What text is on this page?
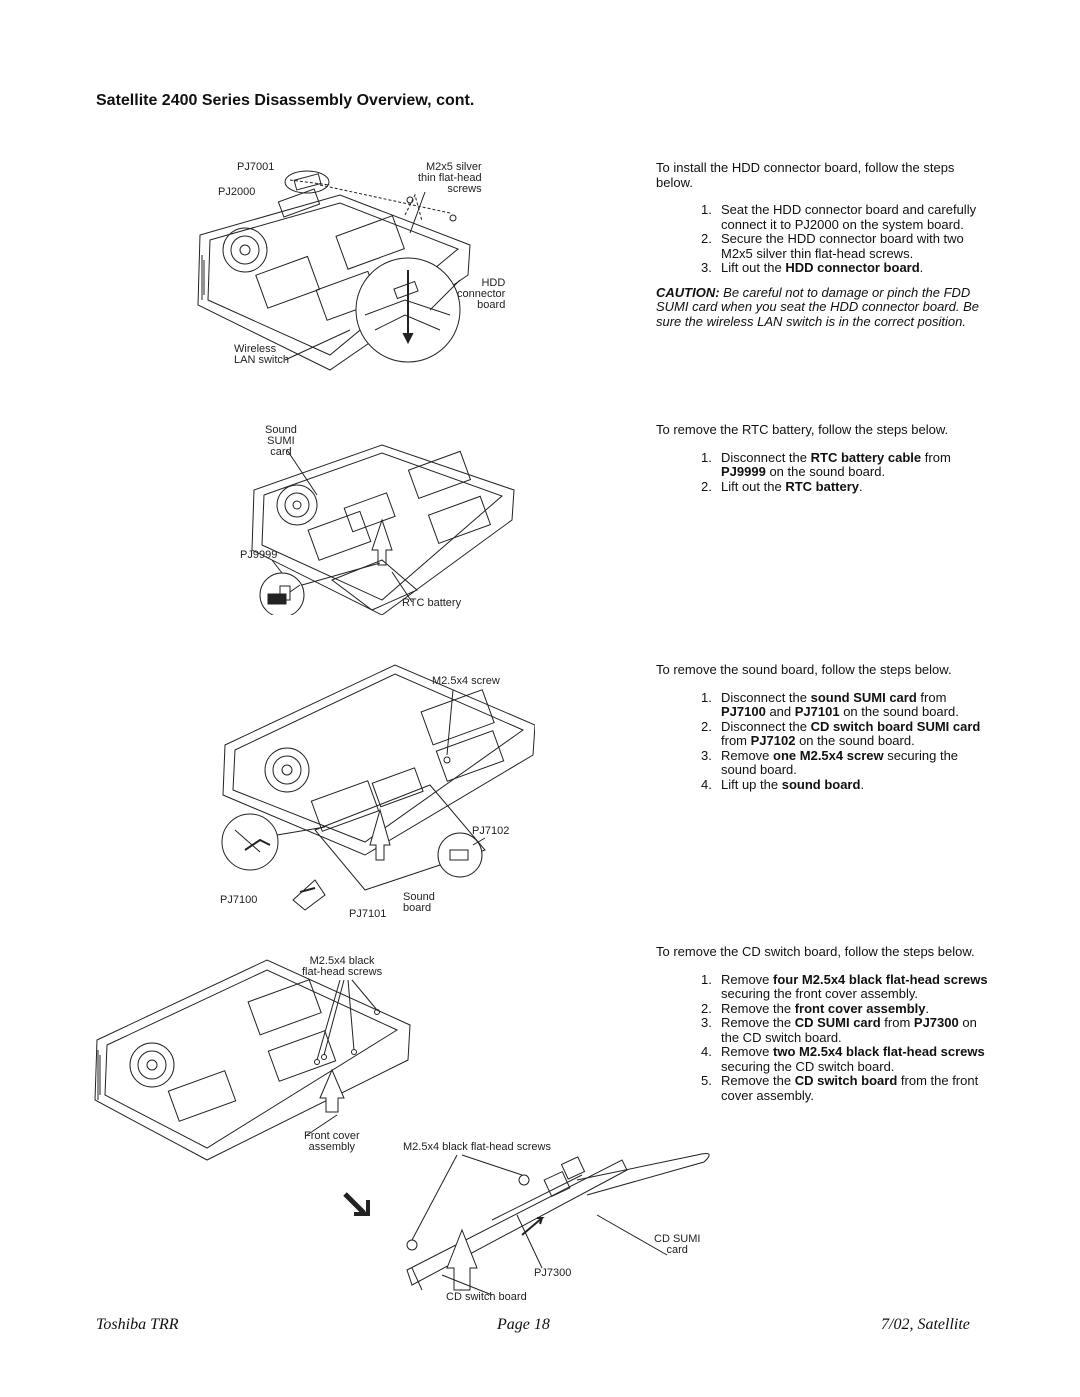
Satellite 2400 Series Disassembly Overview, cont.
PJ7001
PJ2000
M2x5 silver
thin flat-head
screws
HDD
connector
board
Wireless
LAN switch
Sound
SUMI
card
PJ9999
RTC battery
M2.5x4 screw
PJ7102
PJ7100
PJ7101
Sound
board
M2.5x4 black
flat-head screws
Front cover
assembly	M2.5x4 black flat-head screws
CD SUMI
card
PJ7300
CD switch board

To install the HDD connector board, follow the steps below.

1. Seat the HDD connector board and carefully connect it to PJ2000 on the system board.
2. Secure the HDD connector board with two M2x5 silver thin flat-head screws.
3. Lift out the HDD connector board.

CAUTION: Be careful not to damage or pinch the FDD SUMI card when you seat the HDD connector board. Be sure the wireless LAN switch is in the correct position.

To remove the RTC battery, follow the steps below.

1. Disconnect the RTC battery cable from PJ9999 on the sound board.
2. Lift out the RTC battery.

To remove the sound board, follow the steps below.

1. Disconnect the sound SUMI card from PJ7100 and PJ7101 on the sound board.
2. Disconnect the CD switch board SUMI card from PJ7102 on the sound board.
3. Remove one M2.5x4 screw securing the sound board.
4. Lift up the sound board.

To remove the CD switch board, follow the steps below.

1. Remove four M2.5x4 black flat-head screws securing the front cover assembly.
2. Remove the front cover assembly.
3. Remove the CD SUMI card from PJ7300 on the CD switch board.
4. Remove two M2.5x4 black flat-head screws securing the CD switch board.
5. Remove the CD switch board from the front cover assembly.
Toshiba TRR	Page 18	7/02, Satellite
